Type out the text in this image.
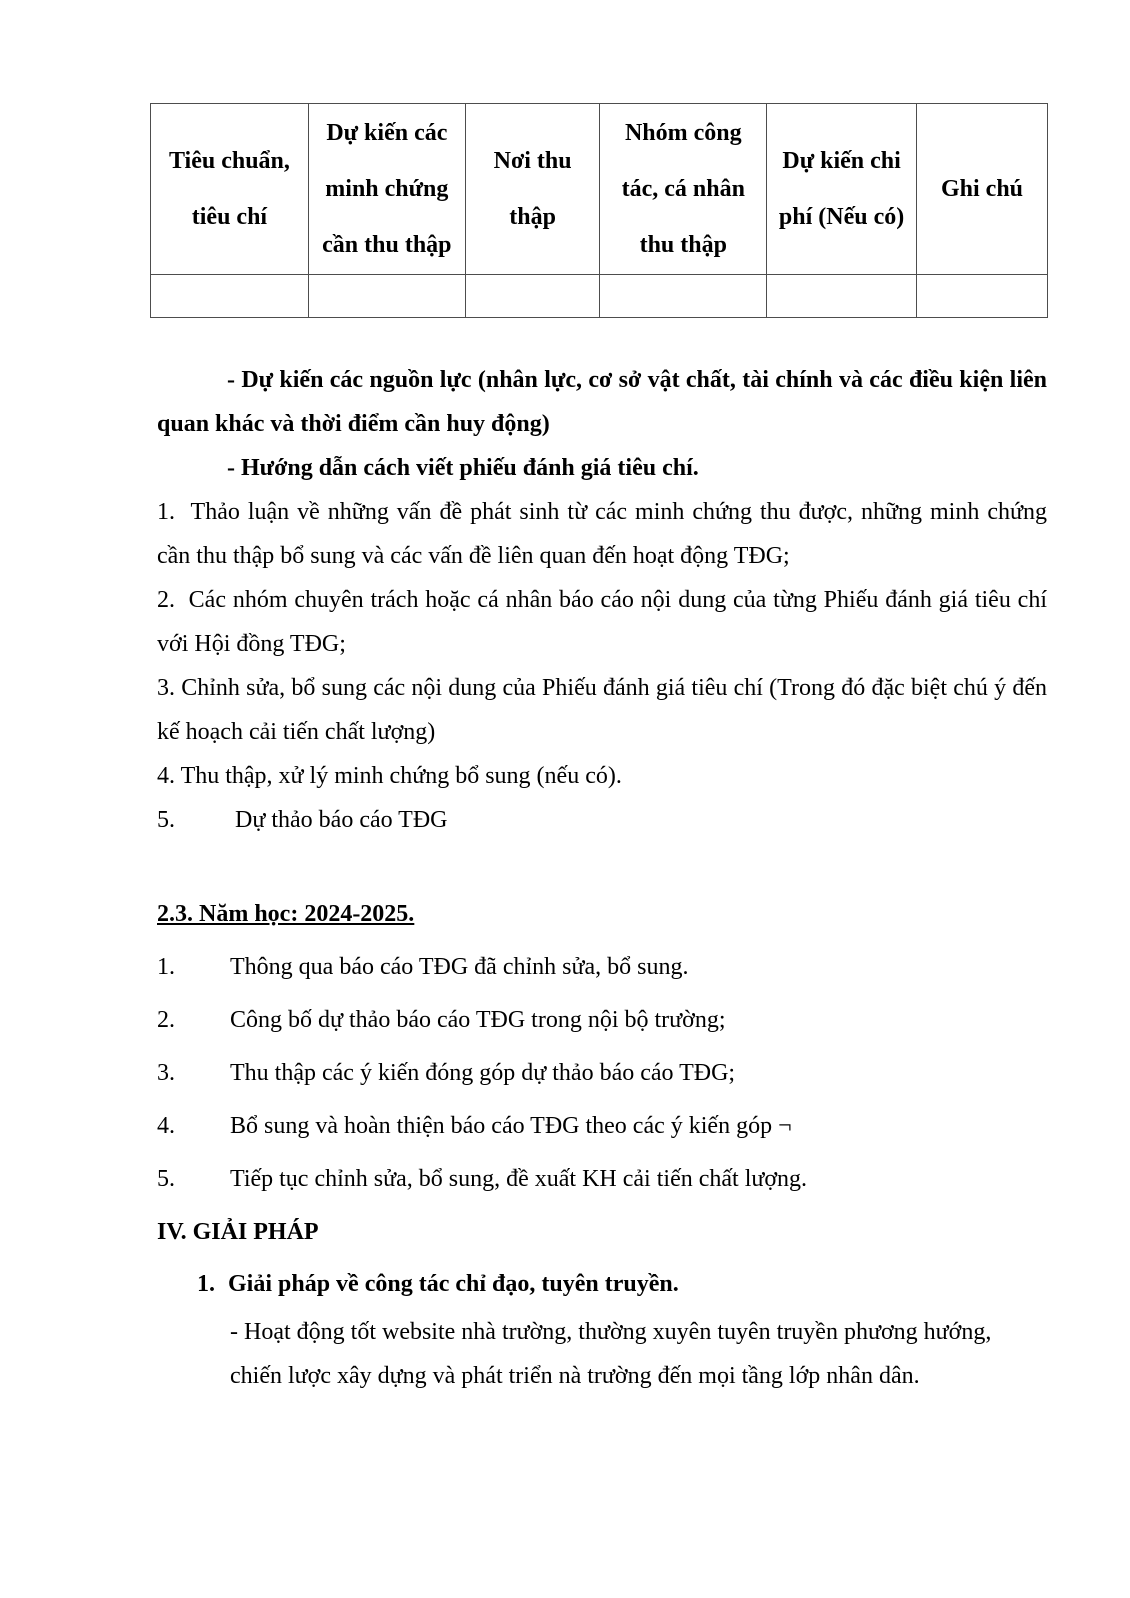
Tiêu chuẩn, tiêu chí	Dự kiến các minh chứng cần thu thập	Nơi thu thập	Nhóm công tác, cá nhân thu thập	Dự kiến chi phí (Nếu có)	Ghi chú

- Dự kiến các nguồn lực (nhân lực, cơ sở vật chất, tài chính và các điều kiện liên quan khác và thời điểm cần huy động)

- Hướng dẫn cách viết phiếu đánh giá tiêu chí.

1.  Thảo luận về những vấn đề phát sinh từ các minh chứng thu được, những minh chứng cần thu thập bổ sung và các vấn đề liên quan đến hoạt động TĐG;

2.  Các nhóm chuyên trách hoặc cá nhân báo cáo nội dung của từng Phiếu đánh giá tiêu chí với Hội đồng TĐG;

3. Chỉnh sửa, bổ sung các nội dung của Phiếu đánh giá tiêu chí (Trong đó đặc biệt chú ý đến kế hoạch cải tiến chất lượng)

4. Thu thập, xử lý minh chứng bổ sung (nếu có).

5.          Dự thảo báo cáo TĐG

2.3. Năm học: 2024-2025.

1. Thông qua báo cáo TĐG đã chỉnh sửa, bổ sung.

2. Công bố dự thảo báo cáo TĐG trong nội bộ trường;

3. Thu thập các ý kiến đóng góp dự thảo báo cáo TĐG;

4. Bổ sung và hoàn thiện báo cáo TĐG theo các ý kiến góp ¬

5. Tiếp tục chỉnh sửa, bổ sung, đề xuất KH cải tiến chất lượng.

IV. GIẢI PHÁP

1. Giải pháp về công tác chỉ đạo, tuyên truyền.

- Hoạt động tốt website nhà trường, thường xuyên tuyên truyền phương hướng, chiến lược xây dựng và phát triển nà trường đến mọi tầng lớp nhân dân.
